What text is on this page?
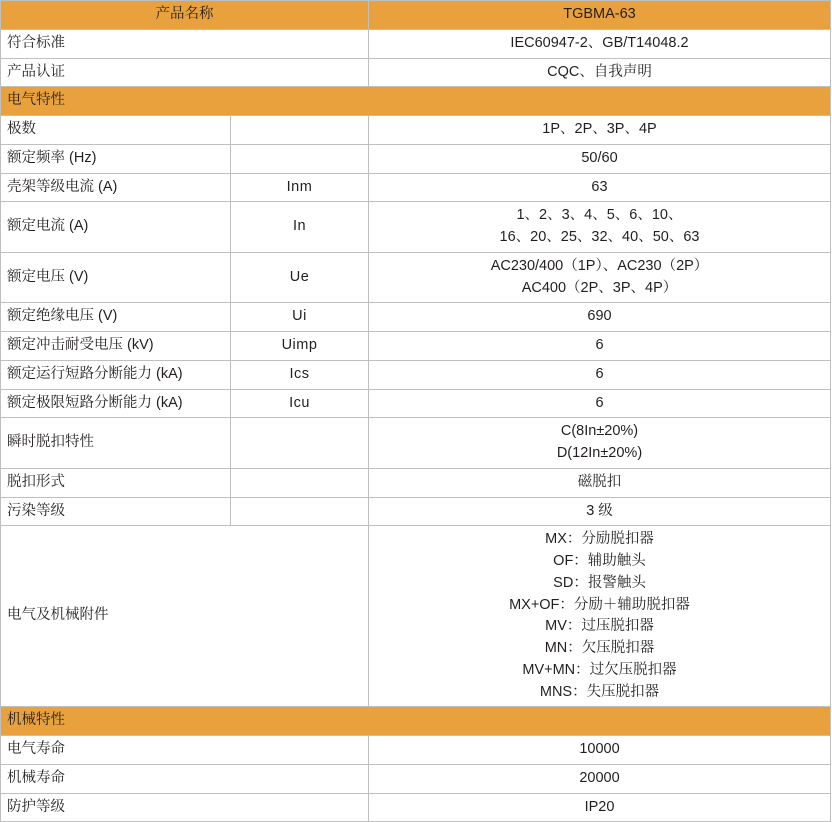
产品名称		TGBMA-63
符合标准		IEC60947-2、GB/T14048.2
产品认证		CQC、自我声明
电气特性		
极数		1P、2P、3P、4P
额定频率 (Hz)		50/60
壳架等级电流 (A)	Inm	63
额定电流 (A)	In	1、2、3、4、5、6、10、
16、20、25、32、40、50、63

额定电压 (V)	Ue	AC230/400（1P）、AC230（2P）
AC400（2P、3P、4P）

额定绝缘电压 (V)	Ui	690
额定冲击耐受电压 (kV)	Uimp	6
额定运行短路分断能力 (kA)	Ics	6
额定极限短路分断能力 (kA)	Icu	6
瞬时脱扣特性		C(8In±20%)
D(12In±20%)

脱扣形式		磁脱扣
污染等级		3 级
电气及机械附件	
MX：分励脱扣器
OF：辅助触头
SD：报警触头
MX+OF：分励＋辅助脱扣器
MV：过压脱扣器
MN：欠压脱扣器
MV+MN：过欠压脱扣器
MNS：失压脱扣器

机械特性		
电气寿命		10000
机械寿命		20000
防护等级		IP20
